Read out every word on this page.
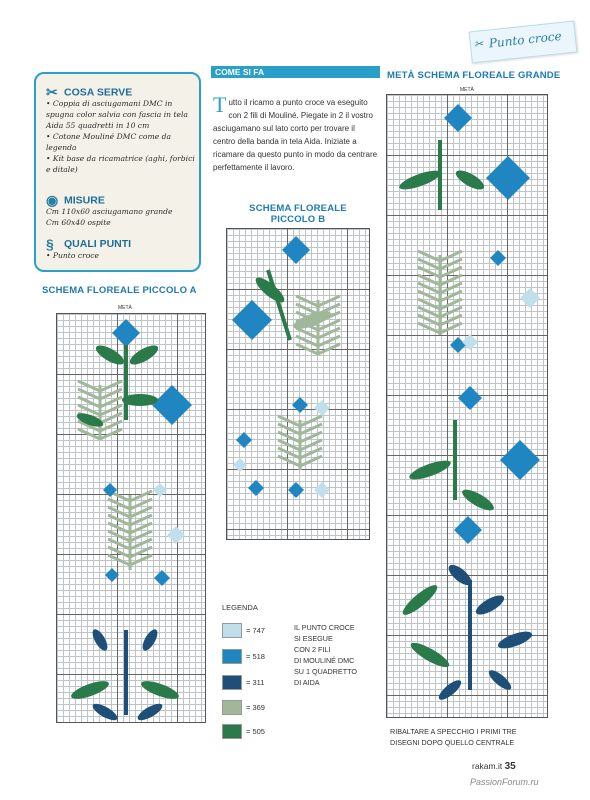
✂ Punto croce
✂ COSA SERVE
• Coppia di asciugamani DMC in spugna color salvia con fascia in tela Aida 55 quadretti in 10 cm
• Cotone Mouliné DMC come da legenda
• Kit base da ricamatrice (aghi, forbici e ditale)
◉ MISURE
Cm 110x60 asciugamano grande
Cm 60x40 ospite
§ QUALI PUNTI
• Punto croce
COME SI FA
Tutto il ricamo a punto croce va eseguito con 2 fili di Mouliné. Piegate in 2 il vostro asciugamano sul lato corto per trovare il centro della banda in tela Aida. Iniziate a ricamare da questo punto in modo da centrare perfettamente il lavoro.
SCHEMA FLOREALE PICCOLO A
SCHEMA FLOREALE
PICCOLO B
METÀ SCHEMA FLOREALE GRANDE
METÀ
METÀ
LEGENDA
= 747
= 518
= 311
= 369
= 505
IL PUNTO CROCE
SI ESEGUE
CON 2 FILI
DI MOULINÉ DMC
SU 1 QUADRETTO
DI AIDA
RIBALTARE A SPECCHIO I PRIMI TRE
DISEGNI DOPO QUELLO CENTRALE
rakam.it 35
PassionForum.ru
